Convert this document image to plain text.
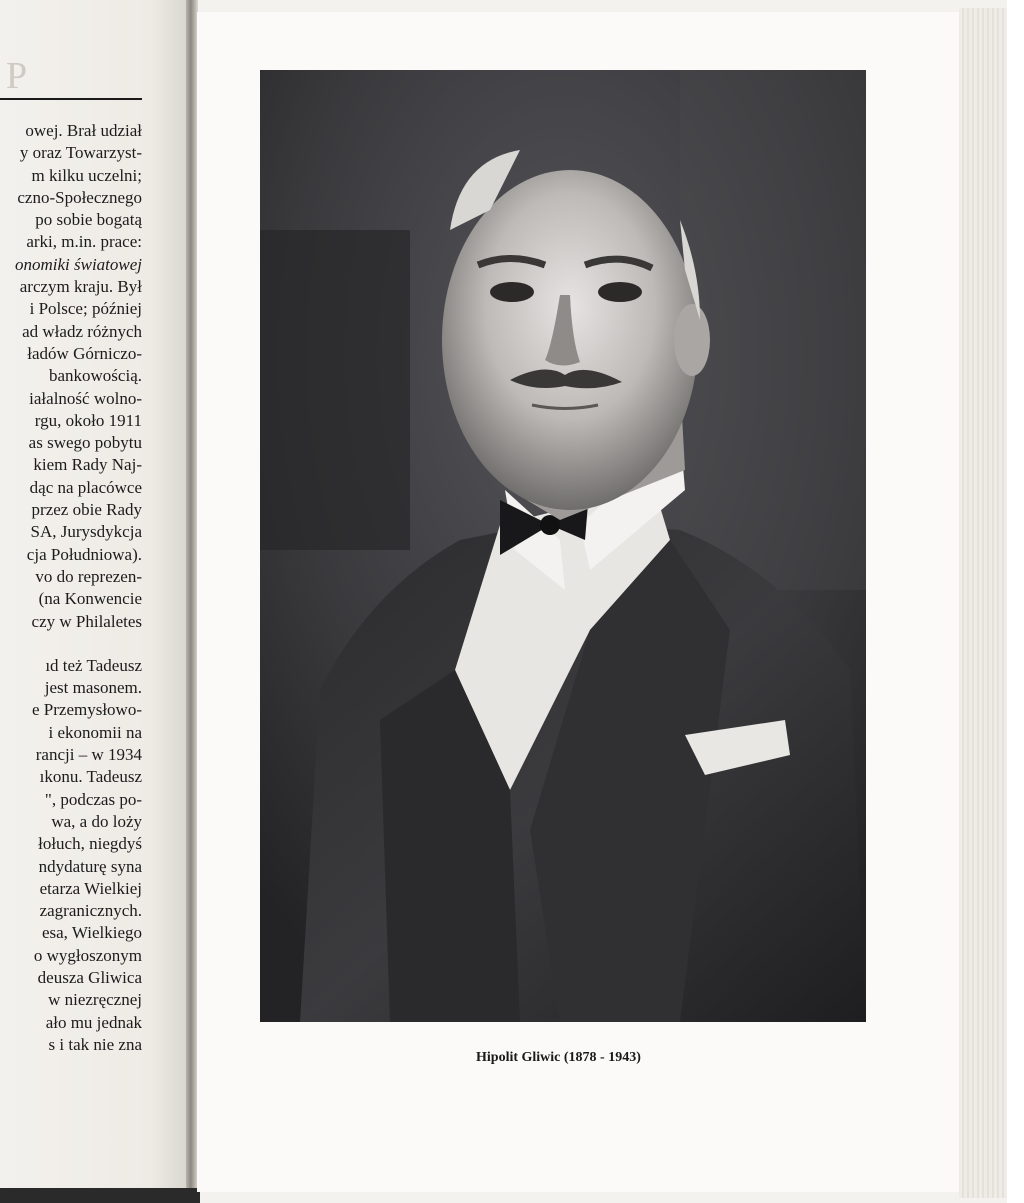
P
owej. Brał udział
y oraz Towarzyst-
m kilku uczelni;
czno-Społecznego
po sobie bogatą
arki, m.in. prace:
onomiki światowej
arczym kraju. Był
i Polsce; później
ad władz różnych
ładów Górniczo-
bankowością.
iałalność wolno-
rgu, około 1911
as swego pobytu
kiem Rady Naj-
dąc na placówce
przez obie Rady
SA, Jurysdykcja
cja Południowa).
vo do reprezen-
(na Konwencie
czy w Philaletes
ıd też Tadeusz
jest masonem.
e Przemysłowo-
i ekonomii na
rancji – w 1934
ıkonu. Tadeusz
", podczas po-
wa, a do loży
łołuch, niegdyś
ndydaturę syna
etarza Wielkiej
zagranicznych.
esa, Wielkiego
o wygłoszonym
deusza Gliwica
w niezręcznej
ało mu jednak
s i tak nie zna
Hipolit Gliwic (1878 - 1943)
